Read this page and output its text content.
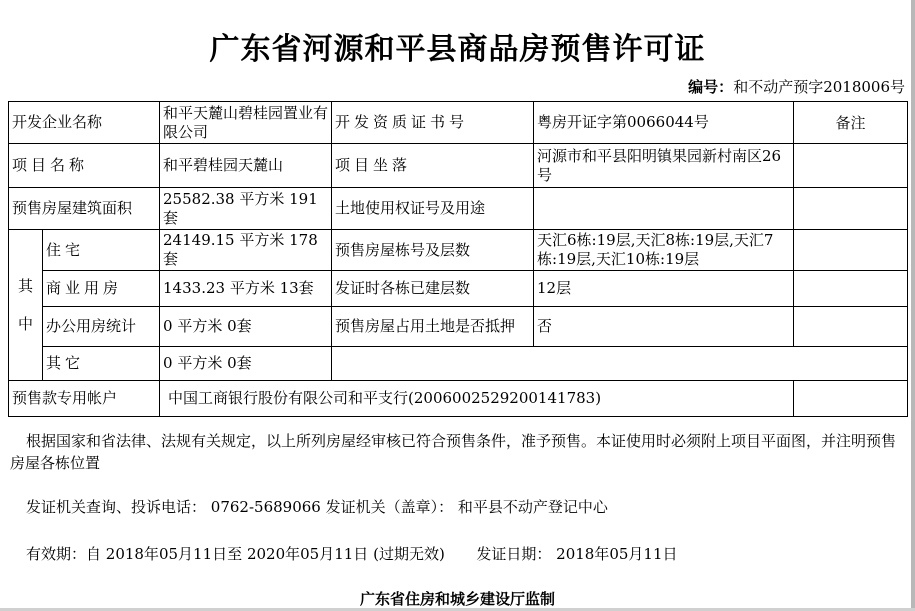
广东省河源和平县商品房预售许可证
编号：和不动产预字2018006号
开发企业名称		和平天麓山碧桂园置业有限公司	开发资质证书号	粤房开证字第0066044号	备注
项目名称		和平碧桂园天麓山	项目坐落	河源市和平县阳明镇果园新村南区26号	
预售房屋建筑面积		25582.38 平方米 191套	土地使用权证号及用途		
其中	住宅	24149.15 平方米 178套	预售房屋栋号及层数	天汇6栋:19层,天汇8栋:19层,天汇7栋:19层,天汇10栋:19层	
	商业用房	1433.23 平方米 13套	发证时各栋已建层数	12层	
	办公用房统计	0 平方米 0套	预售房屋占用土地是否抵押	否	
	其它	0 平方米 0套			
预售款专用帐户		中国工商银行股份有限公司和平支行(2006002529200141783)			
根据国家和省法律、法规有关规定，以上所列房屋经审核已符合预售条件，准予预售。本证使用时必须附上项目平面图，并注明预售房屋各栋位置
发证机关查询、投诉电话： 0762-5689066 发证机关（盖章）： 和平县不动产登记中心
有效期：自 2018年05月11日至 2020年05月11日 (过期无效) 发证日期： 2018年05月11日
广东省住房和城乡建设厅监制
